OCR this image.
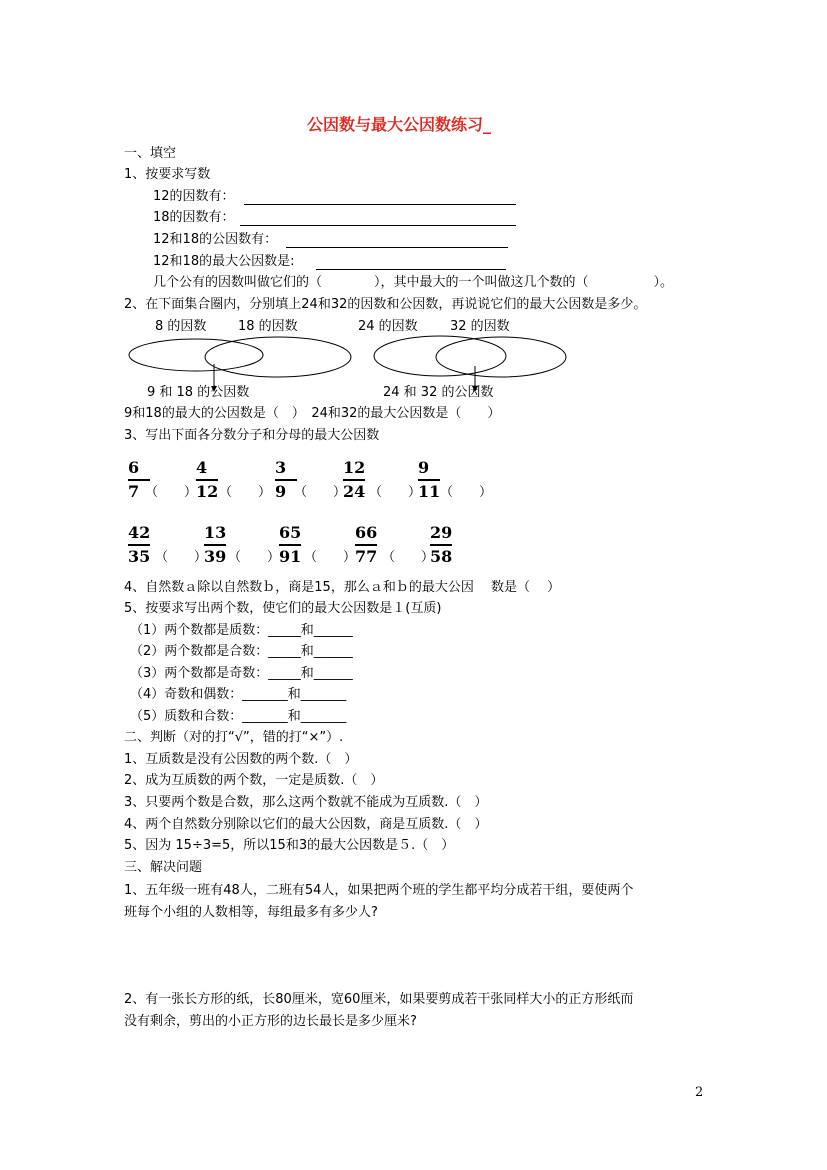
公因数与最大公因数练习_
一、填空
1、按要求写数
12的因数有：
18的因数有：
12和18的公因数有：
12和18的最大公因数是:
几个公有的因数叫做它们的（　　　　），其中最大的一个叫做这几个数的（　　　　　）。
2、在下面集合圈内，分别填上24和32的因数和公因数，再说说它们的最大公因数是多少。
8 的因数 18 的因数	24 的因数 32 的因数
9 和 18 的公因数	24 和 32 的公因数
9和18的最大的公因数是（　）　24和32的最大公因数是（　　）
3、写出下面各分数分子和分母的最大公因数
6
7 （　　）
4
12 （　　）
3
9 （　　）
12
24 （　　）
9
11 （　　）
42
35 （　　）
13
39 （　　）
65
91 （　　）
66
77 （　　）
29
58
4、自然数ａ除以自然数ｂ，商是15，那么ａ和ｂ的最大公因　 数是（　 ）
5、按要求写出两个数，使它们的最大公因数是１(互质)
（1）两个数都是质数：_____和______
（2）两个数都是合数：_____和______
（3）两个数都是奇数：_____和______
（4）奇数和偶数：_______和_______
（5）质数和合数：_______和_______
二、判断（对的打“√”，错的打“×”）.
1、互质数是没有公因数的两个数.（　）
2、成为互质数的两个数，一定是质数.（　）
3、只要两个数是合数，那么这两个数就不能成为互质数.（　）
4、两个自然数分别除以它们的最大公因数，商是互质数.（　）
5、因为 15÷3=5，所以15和3的最大公因数是５.（　）
三、解决问题
1、五年级一班有48人，二班有54人，如果把两个班的学生都平均分成若干组，要使两个
班每个小组的人数相等，每组最多有多少人?
2、有一张长方形的纸，长80厘米，宽60厘米，如果要剪成若干张同样大小的正方形纸而
没有剩余，剪出的小正方形的边长最长是多少厘米?
2
